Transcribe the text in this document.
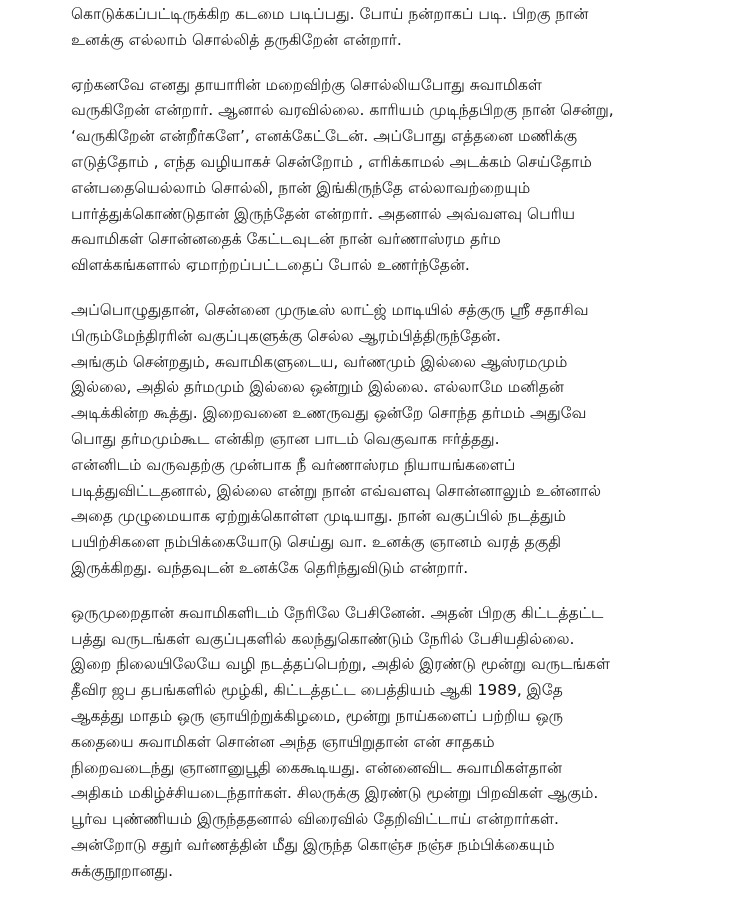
கொடுக்கப்பட்டிருக்கிற கடமை படிப்பது. போய் நன்றாகப் படி. பிறகு நான்
உனக்கு எல்லாம் சொல்லித் தருகிறேன் என்றார்.
ஏற்கனவே எனது தாயாரின் மறைவிற்கு சொல்லியபோது சுவாமிகள்
வருகிறேன் என்றார். ஆனால் வரவில்லை. காரியம் முடிந்தபிறகு நான் சென்று,
‘வருகிறேன் என்றீர்களே’, எனக்கேட்டேன். அப்போது எத்தனை மணிக்கு
எடுத்தோம் , எந்த வழியாகச் சென்றோம் , எரிக்காமல் அடக்கம் செய்தோம்
என்பதையெல்லாம் சொல்லி, நான் இங்கிருந்தே எல்லாவற்றையும்
பார்த்துக்கொண்டுதான் இருந்தேன் என்றார். அதனால் அவ்வளவு பெரிய
சுவாமிகள் சொன்னதைக் கேட்டவுடன் நான் வர்ணாஸ்ரம தர்ம
விளக்கங்களால் ஏமாற்றப்பட்டதைப் போல் உணர்ந்தேன்.
அப்பொழுதுதான், சென்னை முருடீஸ் லாட்ஜ் மாடியில் சத்குரு ஸ்ரீ சதாசிவ
பிரும்மேந்திரரின் வகுப்புகளுக்கு செல்ல ஆரம்பித்திருந்தேன்.
அங்கும் சென்றதும், சுவாமிகளுடைய, வர்ணமும் இல்லை ஆஸ்ரமமும்
இல்லை, அதில் தர்மமும் இல்லை ஒன்றும் இல்லை. எல்லாமே மனிதன்
அடிக்கின்ற கூத்து. இறைவனை உணருவது ஒன்றே சொந்த தர்மம் அதுவே
பொது தர்மமும்கூட என்கிற ஞான பாடம் வெகுவாக ஈர்த்தது.
என்னிடம் வருவதற்கு முன்பாக நீ வர்ணாஸ்ரம நியாயங்களைப்
படித்துவிட்டதனால், இல்லை என்று நான் எவ்வளவு சொன்னாலும் உன்னால்
அதை முழுமையாக ஏற்றுக்கொள்ள முடியாது. நான் வகுப்பில் நடத்தும்
பயிற்சிகளை நம்பிக்கையோடு செய்து வா. உனக்கு ஞானம் வரத் தகுதி
இருக்கிறது. வந்தவுடன் உனக்கே தெரிந்துவிடும் என்றார்.
ஒருமுறைதான் சுவாமிகளிடம் நேரிலே பேசினேன். அதன் பிறகு கிட்டத்தட்ட
பத்து வருடங்கள் வகுப்புகளில் கலந்துகொண்டும் நேரில் பேசியதில்லை.
இறை நிலையிலேயே வழி நடத்தப்பெற்று, அதில் இரண்டு மூன்று வருடங்கள்
தீவிர ஜப தபங்களில் மூழ்கி, கிட்டத்தட்ட பைத்தியம் ஆகி 1989, இதே
ஆகத்து மாதம் ஒரு ஞாயிற்றுக்கிழமை, மூன்று நாய்களைப் பற்றிய ஒரு
கதையை சுவாமிகள் சொன்ன அந்த ஞாயிறுதான் என் சாதகம்
நிறைவடைந்து ஞானானுபூதி கைகூடியது. என்னைவிட சுவாமிகள்தான்
அதிகம் மகிழ்ச்சியடைந்தார்கள். சிலருக்கு இரண்டு மூன்று பிறவிகள் ஆகும்.
பூர்வ புண்ணியம் இருந்ததனால் விரைவில் தேறிவிட்டாய் என்றார்கள்.
அன்றோடு சதுர் வர்ணத்தின் மீது இருந்த கொஞ்ச நஞ்ச நம்பிக்கையும்
சுக்குநூறானது.
